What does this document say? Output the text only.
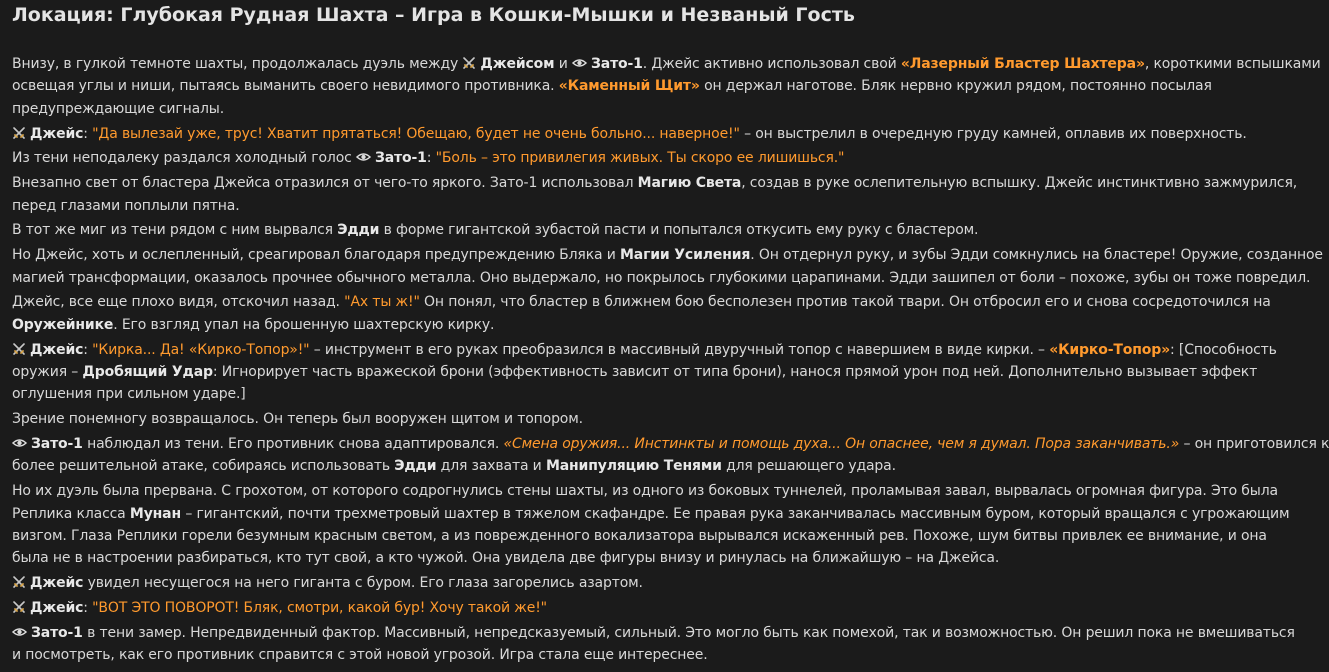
Локация: Глубокая Рудная Шахта – Игра в Кошки-Мышки и Незваный Гость
Внизу, в гулкой темноте шахты, продолжалась дуэль между
Джейсом и
Зато-1. Джейс активно использовал свой «Лазерный Бластер Шахтера», короткими вспышками
освещая углы и ниши, пытаясь выманить своего невидимого противника. «Каменный Щит» он держал наготове. Бляк нервно кружил рядом, постоянно посылая
предупреждающие сигналы.
Джейс: "Да вылезай уже, трус! Хватит прятаться! Обещаю, будет не очень больно... наверное!" – он выстрелил в очередную груду камней, оплавив их поверхность.
Из тени неподалеку раздался холодный голос
Зато-1: "Боль – это привилегия живых. Ты скоро ее лишишься."
Внезапно свет от бластера Джейса отразился от чего-то яркого. Зато-1 использовал Магию Света, создав в руке ослепительную вспышку. Джейс инстинктивно зажмурился,
перед глазами поплыли пятна.
В тот же миг из тени рядом с ним вырвался Эдди в форме гигантской зубастой пасти и попытался откусить ему руку с бластером.
Но Джейс, хоть и ослепленный, среагировал благодаря предупреждению Бляка и Магии Усиления. Он отдернул руку, и зубы Эдди сомкнулись на бластере! Оружие, созданное
магией трансформации, оказалось прочнее обычного металла. Оно выдержало, но покрылось глубокими царапинами. Эдди зашипел от боли – похоже, зубы он тоже повредил.
Джейс, все еще плохо видя, отскочил назад. "Ах ты ж!" Он понял, что бластер в ближнем бою бесполезен против такой твари. Он отбросил его и снова сосредоточился на
Оружейнике. Его взгляд упал на брошенную шахтерскую кирку.
Джейс: "Кирка... Да! «Кирко-Топор»!" – инструмент в его руках преобразился в массивный двуручный топор с навершием в виде кирки. – «Кирко-Топор»: [Способность
оружия – Дробящий Удар: Игнорирует часть вражеской брони (эффективность зависит от типа брони), нанося прямой урон под ней. Дополнительно вызывает эффект
оглушения при сильном ударе.]
Зрение понемногу возвращалось. Он теперь был вооружен щитом и топором.
Зато-1 наблюдал из тени. Его противник снова адаптировался. «Смена оружия... Инстинкты и помощь духа... Он опаснее, чем я думал. Пора заканчивать.» – он приготовился к
более решительной атаке, собираясь использовать Эдди для захвата и Манипуляцию Тенями для решающего удара.
Но их дуэль была прервана. С грохотом, от которого содрогнулись стены шахты, из одного из боковых туннелей, проламывая завал, вырвалась огромная фигура. Это была
Реплика класса Мунан – гигантский, почти трехметровый шахтер в тяжелом скафандре. Ее правая рука заканчивалась массивным буром, который вращался с угрожающим
визгом. Глаза Реплики горели безумным красным светом, а из поврежденного вокализатора вырывался искаженный рев. Похоже, шум битвы привлек ее внимание, и она
была не в настроении разбираться, кто тут свой, а кто чужой. Она увидела две фигуры внизу и ринулась на ближайшую – на Джейса.
Джейс увидел несущегося на него гиганта с буром. Его глаза загорелись азартом.
Джейс: "ВОТ ЭТО ПОВОРОТ! Бляк, смотри, какой бур! Хочу такой же!"
Зато-1 в тени замер. Непредвиденный фактор. Массивный, непредсказуемый, сильный. Это могло быть как помехой, так и возможностью. Он решил пока не вмешиваться
и посмотреть, как его противник справится с этой новой угрозой. Игра стала еще интереснее.
